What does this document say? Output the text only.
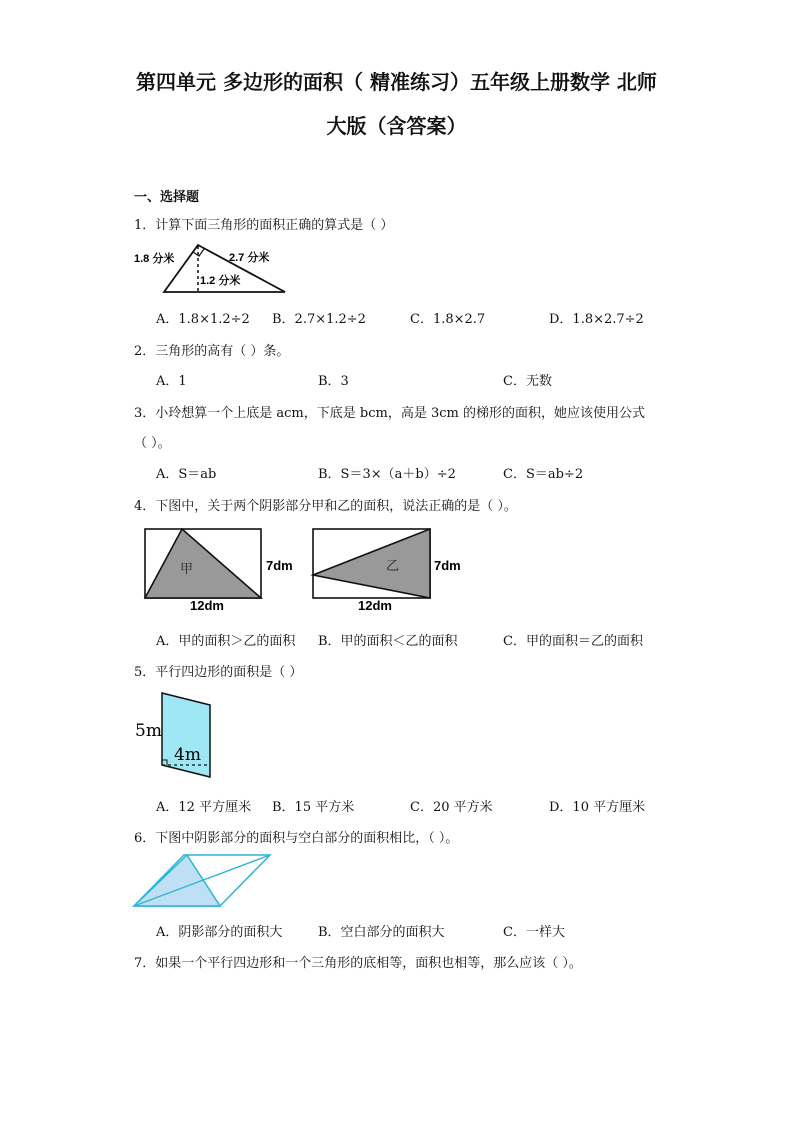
第四单元 多边形的面积（ 精准练习）五年级上册数学 北师
大版（含答案）
一、选择题
1．计算下面三角形的面积正确的算式是（ ）
1.8 分米	2.7 分米
1.2 分米
A．1.8×1.2÷2 B．2.7×1.2÷2	C．1.8×2.7	D．1.8×2.7÷2
2．三角形的高有（ ）条。
A．1	B．3	C．无数
3．小玲想算一个上底是 acm，下底是 bcm，高是 3cm 的梯形的面积，她应该使用公式
（ ）。
A．S＝ab	B．S＝3×（a＋b）÷2	C．S＝ab÷2
4．下图中，关于两个阴影部分甲和乙的面积，说法正确的是（ ）。
甲	7dm
12dm
乙	7dm
12dm
A．甲的面积＞乙的面积 B．甲的面积＜乙的面积	C．甲的面积＝乙的面积
5．平行四边形的面积是（ ）
5m
4m
A．12 平方厘米 B．15 平方米	C．20 平方米	D．10 平方厘米
6．下图中阴影部分的面积与空白部分的面积相比，（ ）。
A．阴影部分的面积大	B．空白部分的面积大	C．一样大
7．如果一个平行四边形和一个三角形的底相等，面积也相等，那么应该（ ）。
